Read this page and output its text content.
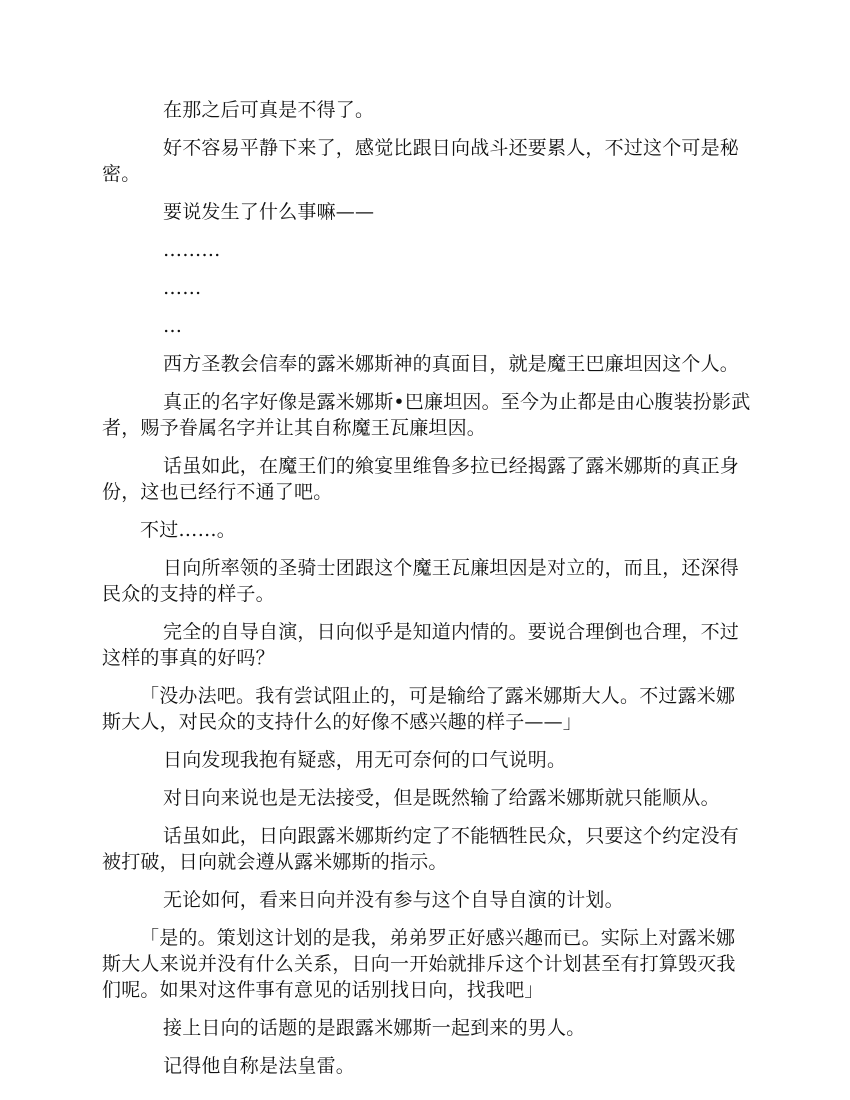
在那之后可真是不得了。

好不容易平静下来了，感觉比跟日向战斗还要累人，不过这个可是秘密。

要说发生了什么事嘛——

………

……

…

西方圣教会信奉的露米娜斯神的真面目，就是魔王巴廉坦因这个人。

真正的名字好像是露米娜斯•巴廉坦因。至今为止都是由心腹装扮影武者，赐予眷属名字并让其自称魔王瓦廉坦因。

话虽如此，在魔王们的飨宴里维鲁多拉已经揭露了露米娜斯的真正身份，这也已经行不通了吧。

不过……。

日向所率领的圣骑士团跟这个魔王瓦廉坦因是对立的，而且，还深得民众的支持的样子。

完全的自导自演，日向似乎是知道内情的。要说合理倒也合理，不过这样的事真的好吗？

「没办法吧。我有尝试阻止的，可是输给了露米娜斯大人。不过露米娜斯大人，对民众的支持什么的好像不感兴趣的样子——」

日向发现我抱有疑惑，用无可奈何的口气说明。

对日向来说也是无法接受，但是既然输了给露米娜斯就只能顺从。

话虽如此，日向跟露米娜斯约定了不能牺牲民众，只要这个约定没有被打破，日向就会遵从露米娜斯的指示。

无论如何，看来日向并没有参与这个自导自演的计划。

「是的。策划这计划的是我，弟弟罗正好感兴趣而已。实际上对露米娜斯大人来说并没有什么关系，日向一开始就排斥这个计划甚至有打算毁灭我们呢。如果对这件事有意见的话别找日向，找我吧」

接上日向的话题的是跟露米娜斯一起到来的男人。

记得他自称是法皇雷。
